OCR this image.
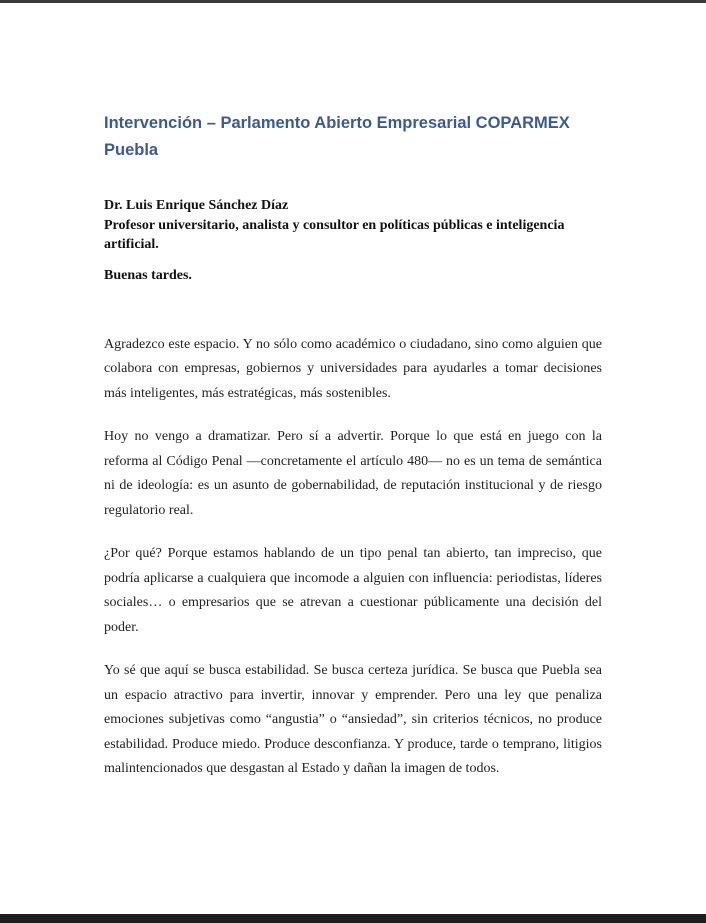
Intervención – Parlamento Abierto Empresarial COPARMEX Puebla
Dr. Luis Enrique Sánchez Díaz
Profesor universitario, analista y consultor en políticas públicas e inteligencia artificial.
Buenas tardes.

Agradezco este espacio. Y no sólo como académico o ciudadano, sino como alguien que colabora con empresas, gobiernos y universidades para ayudarles a tomar decisiones más inteligentes, más estratégicas, más sostenibles.

Hoy no vengo a dramatizar. Pero sí a advertir. Porque lo que está en juego con la reforma al Código Penal —concretamente el artículo 480— no es un tema de semántica ni de ideología: es un asunto de gobernabilidad, de reputación institucional y de riesgo regulatorio real.

¿Por qué? Porque estamos hablando de un tipo penal tan abierto, tan impreciso, que podría aplicarse a cualquiera que incomode a alguien con influencia: periodistas, líderes sociales… o empresarios que se atrevan a cuestionar públicamente una decisión del poder.

Yo sé que aquí se busca estabilidad. Se busca certeza jurídica. Se busca que Puebla sea un espacio atractivo para invertir, innovar y emprender. Pero una ley que penaliza emociones subjetivas como “angustia” o “ansiedad”, sin criterios técnicos, no produce estabilidad. Produce miedo. Produce desconfianza. Y produce, tarde o temprano, litigios malintencionados que desgastan al Estado y dañan la imagen de todos.
